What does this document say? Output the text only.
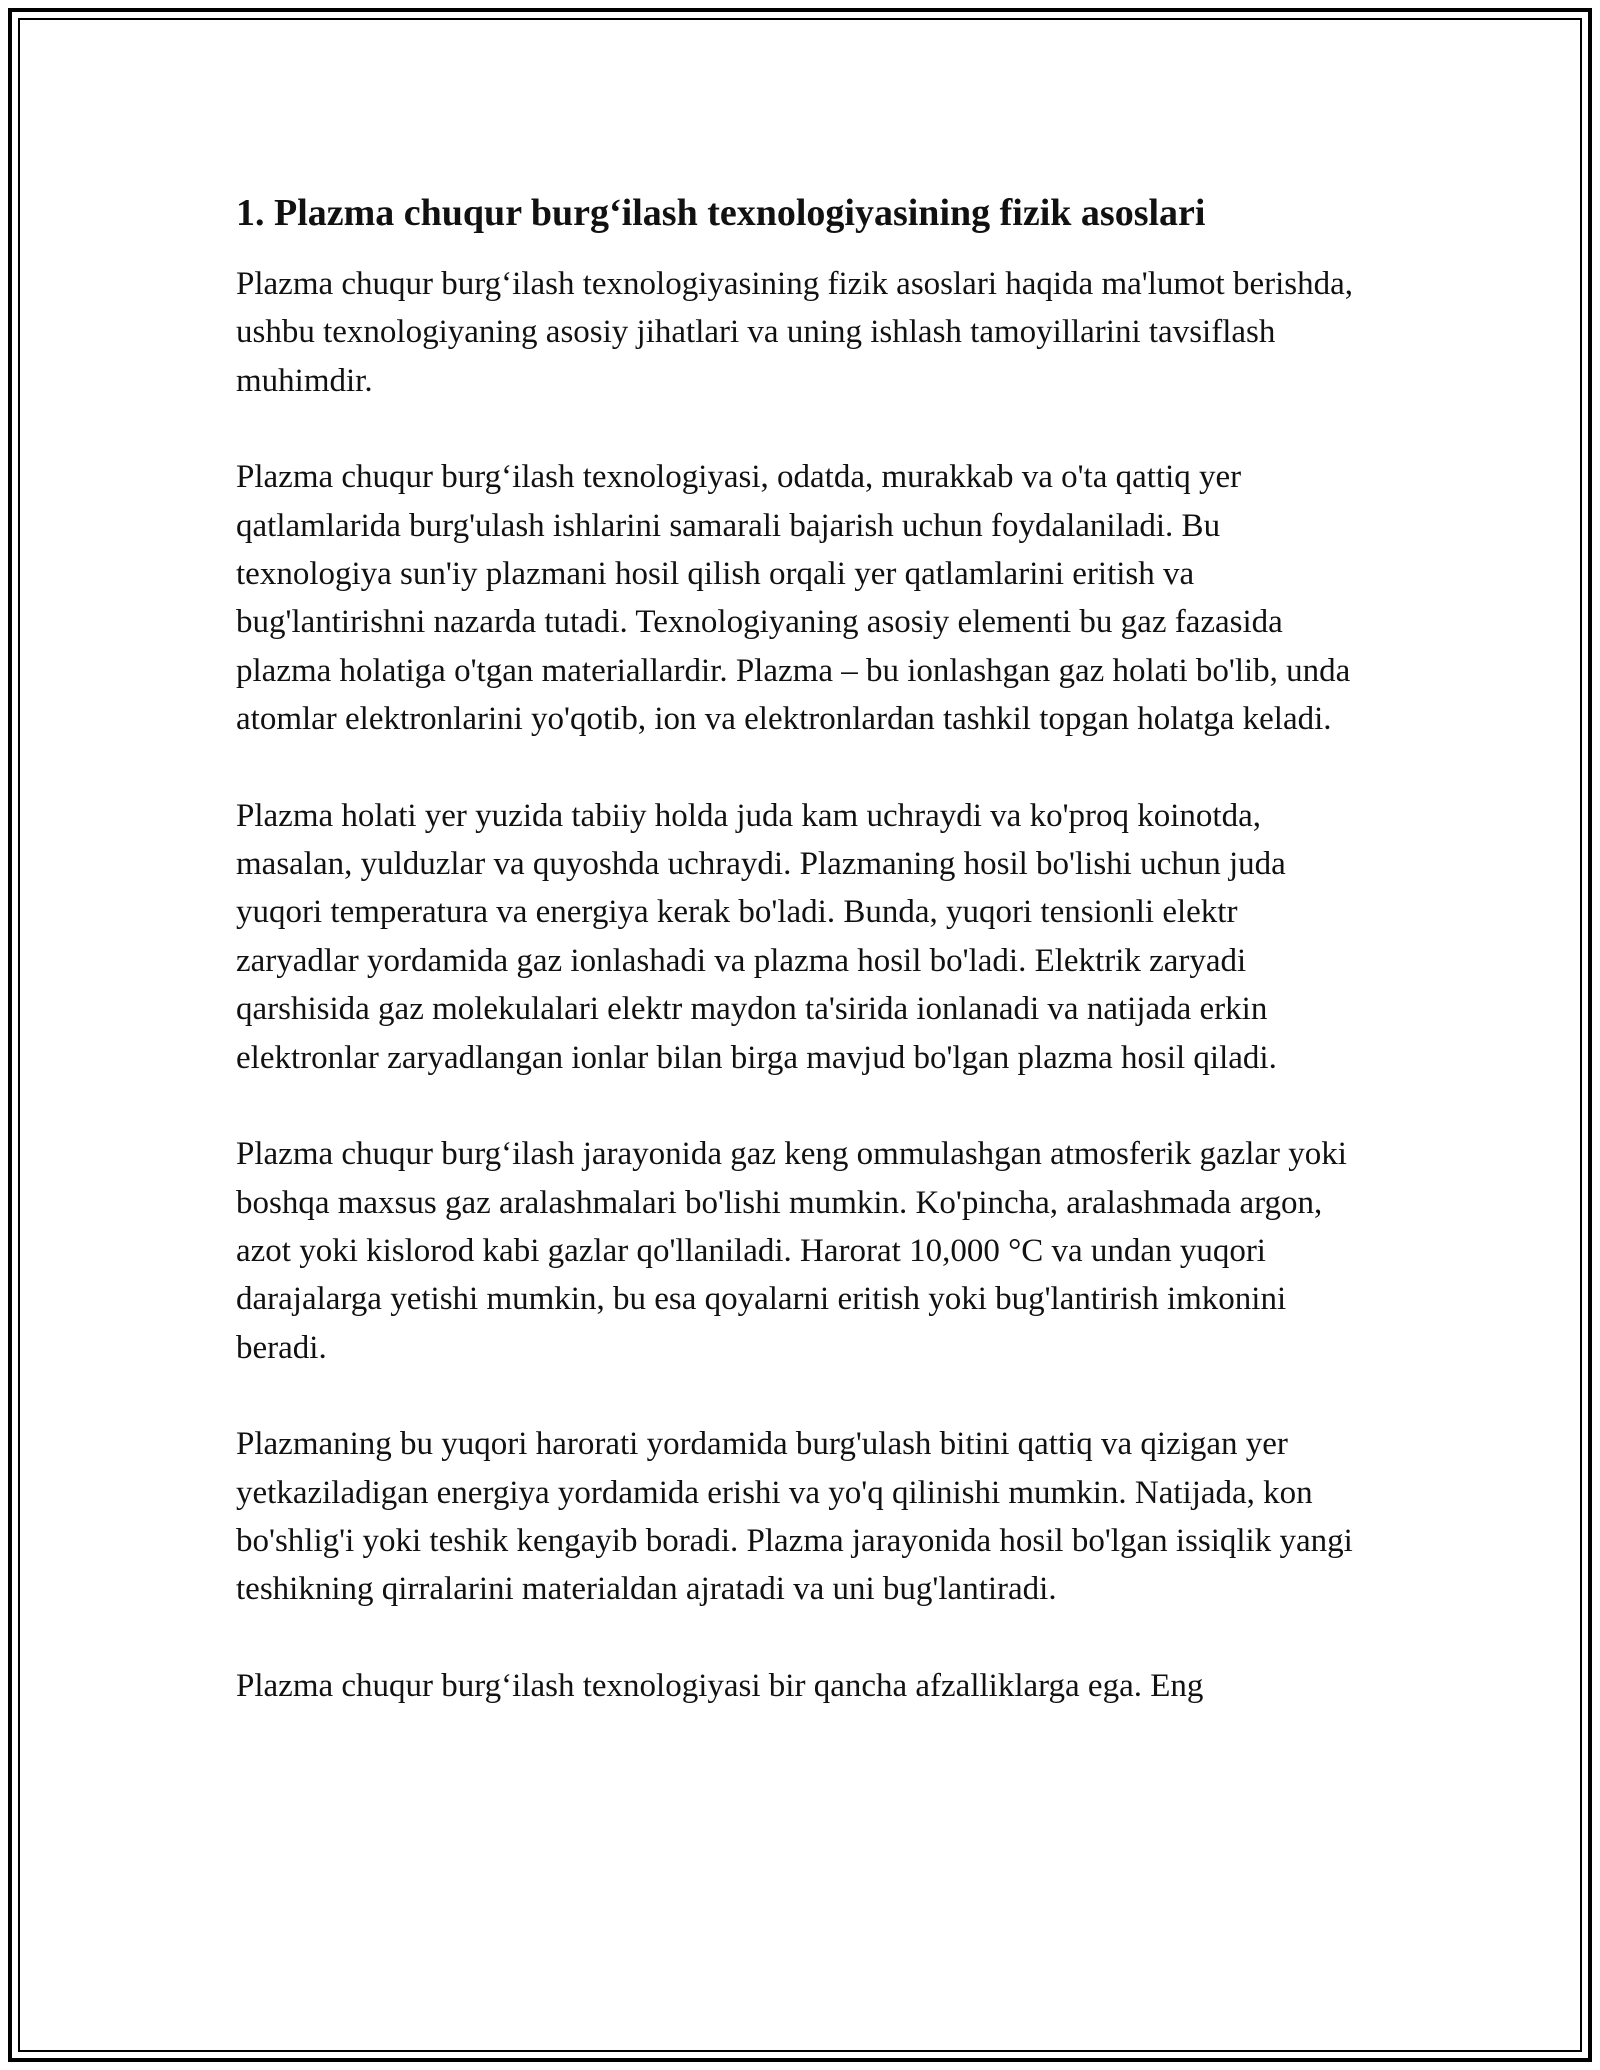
1. Plazma chuqur burg‘ilash texnologiyasining fizik asoslari

Plazma chuqur burg‘ilash texnologiyasining fizik asoslari haqida ma'lumot berishda, ushbu texnologiyaning asosiy jihatlari va uning ishlash tamoyillarini tavsiflash muhimdir.

Plazma chuqur burg‘ilash texnologiyasi, odatda, murakkab va o'ta qattiq yer qatlamlarida burg'ulash ishlarini samarali bajarish uchun foydalaniladi. Bu texnologiya sun'iy plazmani hosil qilish orqali yer qatlamlarini eritish va bug'lantirishni nazarda tutadi. Texnologiyaning asosiy elementi bu gaz fazasida plazma holatiga o'tgan materiallardir. Plazma – bu ionlashgan gaz holati bo'lib, unda atomlar elektronlarini yo'qotib, ion va elektronlardan tashkil topgan holatga keladi.

Plazma holati yer yuzida tabiiy holda juda kam uchraydi va ko'proq koinotda, masalan, yulduzlar va quyoshda uchraydi. Plazmaning hosil bo'lishi uchun juda yuqori temperatura va energiya kerak bo'ladi. Bunda, yuqori tensionli elektr zaryadlar yordamida gaz ionlashadi va plazma hosil bo'ladi. Elektrik zaryadi qarshisida gaz molekulalari elektr maydon ta'sirida ionlanadi va natijada erkin elektronlar zaryadlangan ionlar bilan birga mavjud bo'lgan plazma hosil qiladi.

Plazma chuqur burg‘ilash jarayonida gaz keng ommulashgan atmosferik gazlar yoki boshqa maxsus gaz aralashmalari bo'lishi mumkin. Ko'pincha, aralashmada argon, azot yoki kislorod kabi gazlar qo'llaniladi. Harorat 10,000 °C va undan yuqori darajalarga yetishi mumkin, bu esa qoyalarni eritish yoki bug'lantirish imkonini beradi.

Plazmaning bu yuqori harorati yordamida burg'ulash bitini qattiq va qizigan yer yetkaziladigan energiya yordamida erishi va yo'q qilinishi mumkin. Natijada, kon bo'shlig'i yoki teshik kengayib boradi. Plazma jarayonida hosil bo'lgan issiqlik yangi teshikning qirralarini materialdan ajratadi va uni bug'lantiradi.

Plazma chuqur burg‘ilash texnologiyasi bir qancha afzalliklarga ega. Eng
